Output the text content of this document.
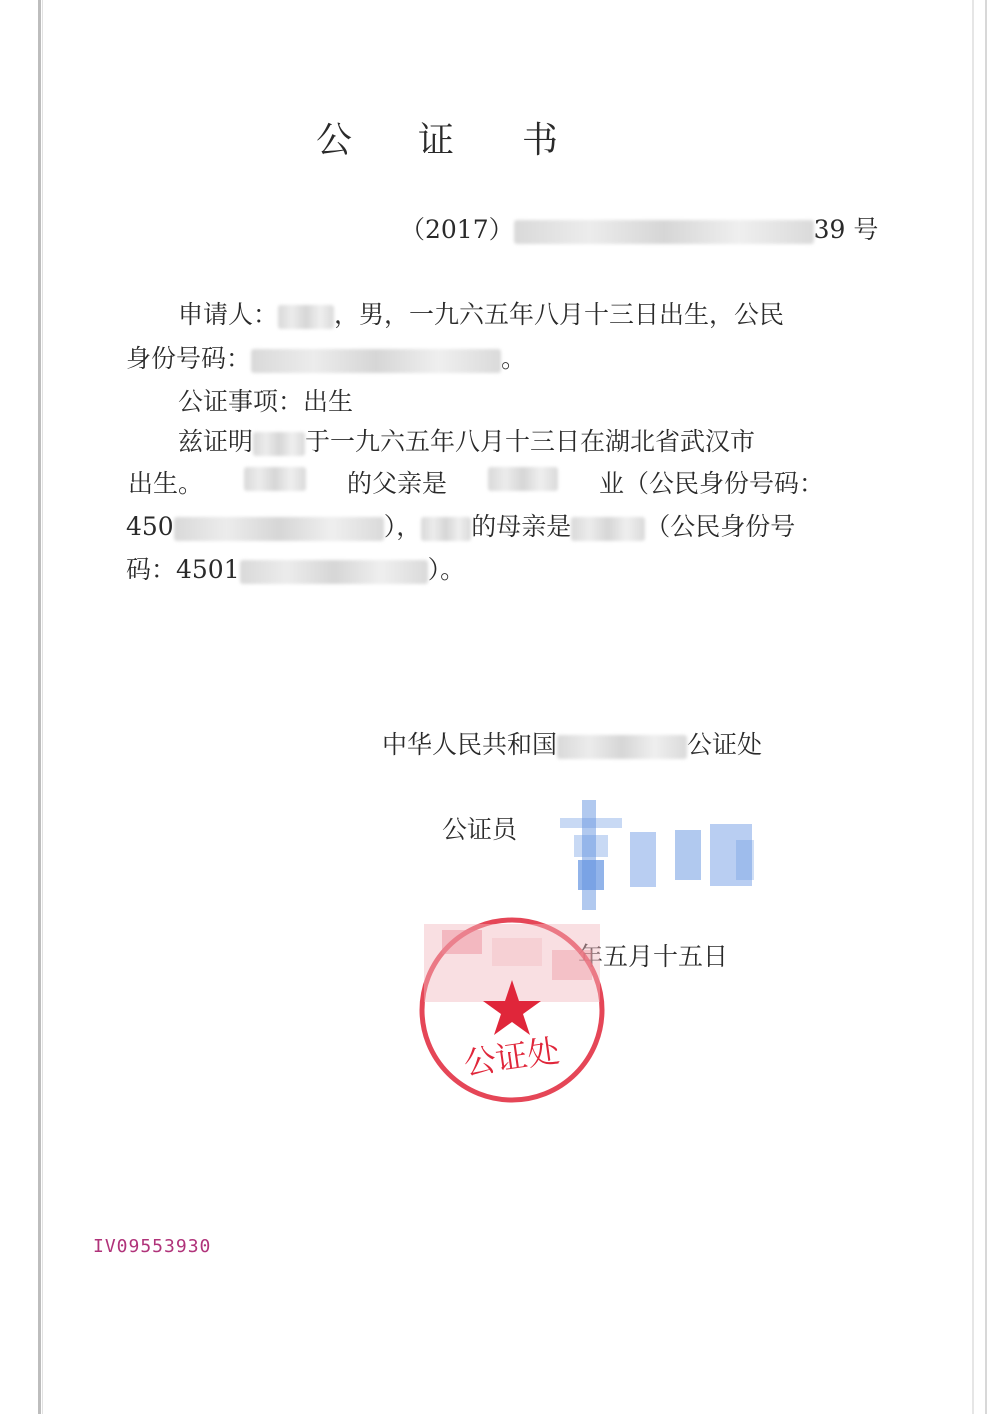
公 证 书
（2017）	39 号
申请人： ，男，一九六五年八月十三日出生，公民
身份号码：	。
公证事项：出生
兹证明 于一九六五年八月十三日在湖北省武汉市
出生。	的父亲是	业（公民身份号码：
450	）， 的母亲是	（公民身份号
码：4501	）。
中华人民共和国	公证处
公证员
年五月十五日
公证处
IV09553930
